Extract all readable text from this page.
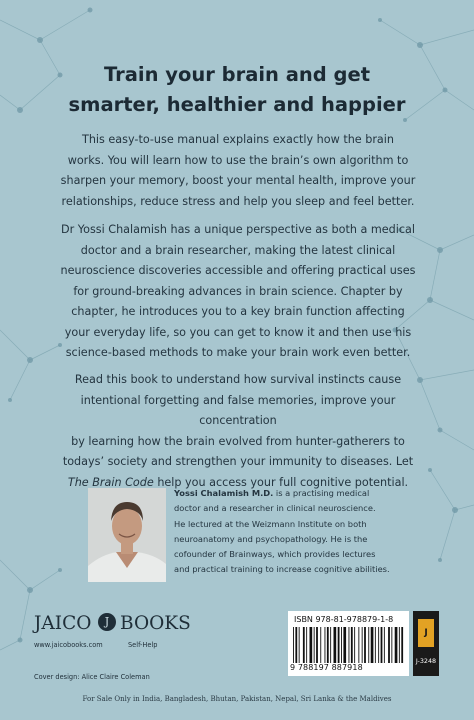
Train your brain and get
smarter, healthier and happier

This easy-to-use manual explains exactly how the brain
works. You will learn how to use the brain’s own algorithm to
sharpen your memory, boost your mental health, improve your
relationships, reduce stress and help you sleep and feel better.

Dr Yossi Chalamish has a unique perspective as both a medical
doctor and a brain researcher, making the latest clinical
neuroscience discoveries accessible and offering practical uses
for ground-breaking advances in brain science. Chapter by
chapter, he introduces you to a key brain function affecting
your everyday life, so you can get to know it and then use his
science-based methods to make your brain work even better.

Read this book to understand how survival instincts cause
intentional forgetting and false memories, improve your concentration
by learning how the brain evolved from hunter-gatherers to
todays’ society and strengthen your immunity to diseases. Let
The Brain Code help you access your full cognitive potential.

Yossi Chalamish M.D. is a practising medical
doctor and a researcher in clinical neuroscience.
He lectured at the Weizmann Institute on both
neuroanatomy and psychopathology. He is the
cofounder of Brainways, which provides lectures
and practical training to increase cognitive abilities.

JAICO	J BOOKS
www.jaicobooks.com	Self-Help
Cover design: Alice Claire Coleman
ISBN 978-81-978879-1-8
9 788197 887918
J
J-3248
For Sale Only in India, Bangladesh, Bhutan, Pakistan, Nepal, Sri Lanka & the Maldives
